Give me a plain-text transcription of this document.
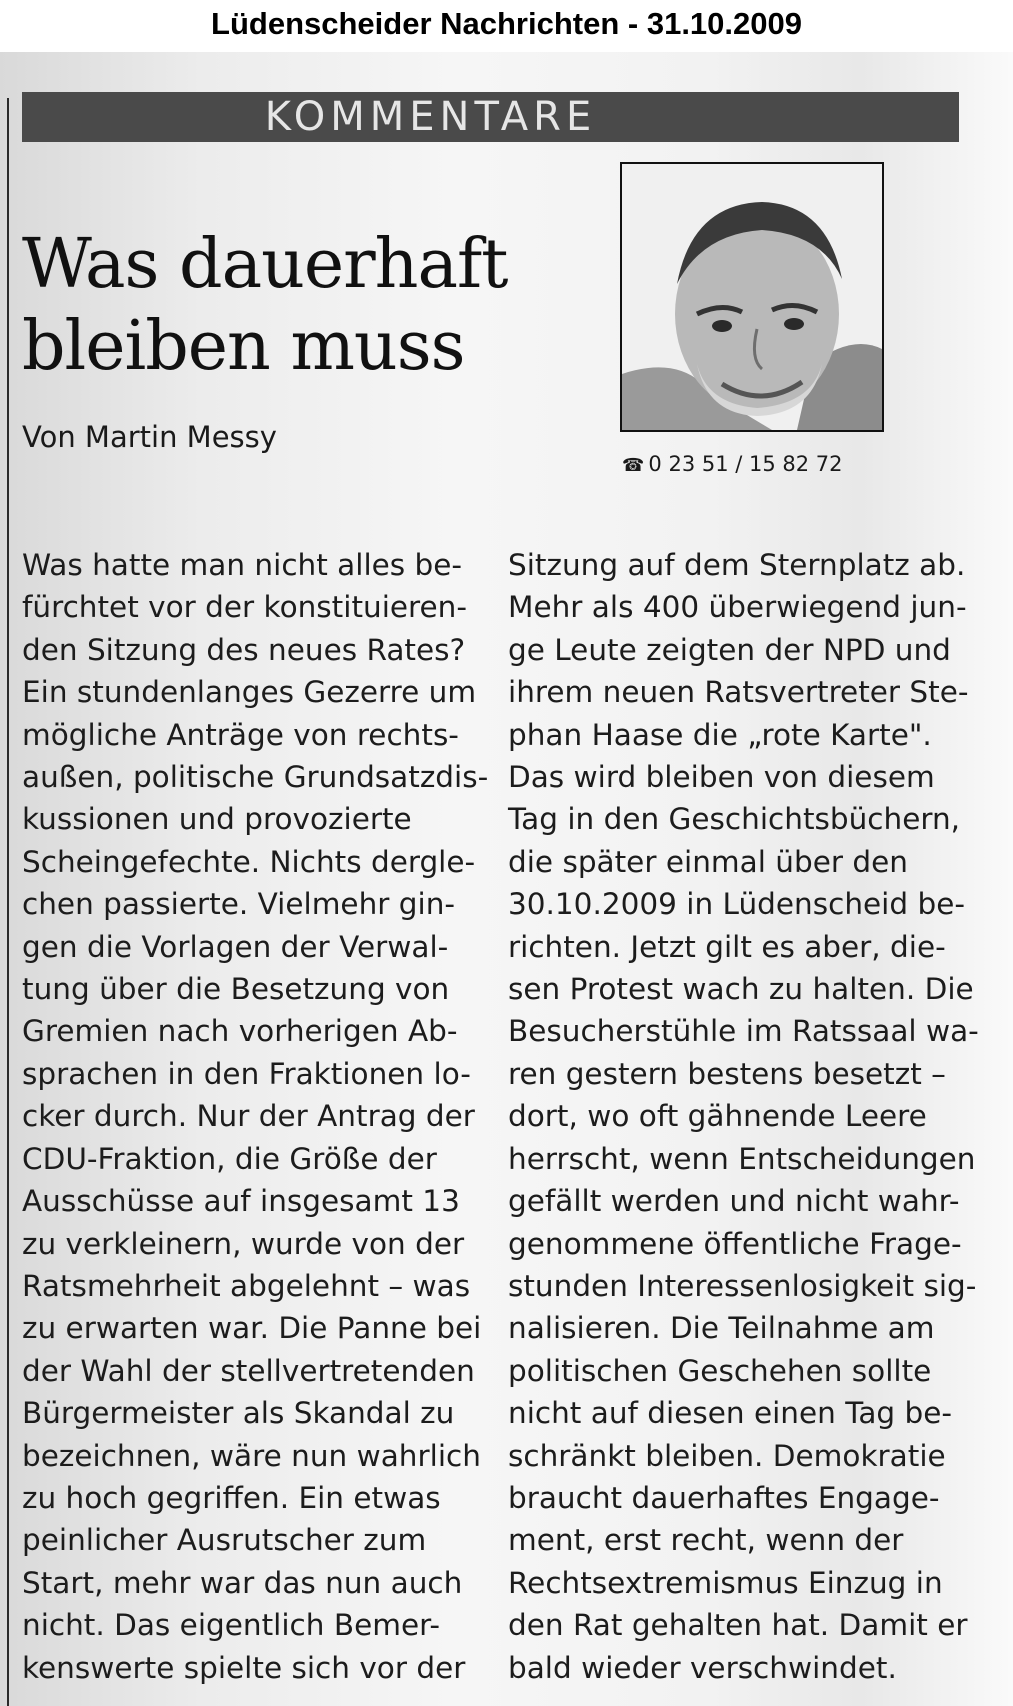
Lüdenscheider Nachrichten - 31.10.2009
KOMMENTARE
Was dauerhaft
bleiben muss
Von Martin Messy
☎ 0 23 51 / 15 82 72
Was hatte man nicht alles be-
fürchtet vor der konstituieren-
den Sitzung des neues Rates?
Ein stundenlanges Gezerre um
mögliche Anträge von rechts-
außen, politische Grundsatzdis-
kussionen und provozierte
Scheingefechte. Nichts dergle-
chen passierte. Vielmehr gin-
gen die Vorlagen der Verwal-
tung über die Besetzung von
Gremien nach vorherigen Ab-
sprachen in den Fraktionen lo-
cker durch. Nur der Antrag der
CDU-Fraktion, die Größe der
Ausschüsse auf insgesamt 13
zu verkleinern, wurde von der
Ratsmehrheit abgelehnt – was
zu erwarten war. Die Panne bei
der Wahl der stellvertretenden
Bürgermeister als Skandal zu
bezeichnen, wäre nun wahrlich
zu hoch gegriffen. Ein etwas
peinlicher Ausrutscher zum
Start, mehr war das nun auch
nicht. Das eigentlich Bemer-
kenswerte spielte sich vor der
Sitzung auf dem Sternplatz ab.
Mehr als 400 überwiegend jun-
ge Leute zeigten der NPD und
ihrem neuen Ratsvertreter Ste-
phan Haase die „rote Karte".
Das wird bleiben von diesem
Tag in den Geschichtsbüchern,
die später einmal über den
30.10.2009 in Lüdenscheid be-
richten. Jetzt gilt es aber, die-
sen Protest wach zu halten. Die
Besucherstühle im Ratssaal wa-
ren gestern bestens besetzt –
dort, wo oft gähnende Leere
herrscht, wenn Entscheidungen
gefällt werden und nicht wahr-
genommene öffentliche Frage-
stunden Interessenlosigkeit sig-
nalisieren. Die Teilnahme am
politischen Geschehen sollte
nicht auf diesen einen Tag be-
schränkt bleiben. Demokratie
braucht dauerhaftes Engage-
ment, erst recht, wenn der
Rechtsextremismus Einzug in
den Rat gehalten hat. Damit er
bald wieder verschwindet.
